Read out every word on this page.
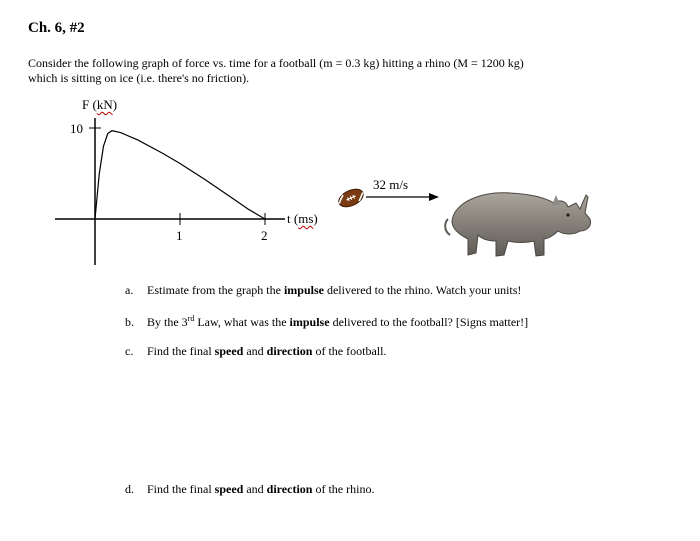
Ch. 6, #2
Consider the following graph of force vs. time for a football (m = 0.3 kg) hitting a rhino (M = 1200 kg)
which is sitting on ice (i.e. there's no friction).
F (kN)
10
1	2
t (ms)
32 m/s
a. Estimate from the graph the impulse delivered to the rhino. Watch your units!
b. By the 3rd Law, what was the impulse delivered to the football? [Signs matter!]
c. Find the final speed and direction of the football.
d. Find the final speed and direction of the rhino.
